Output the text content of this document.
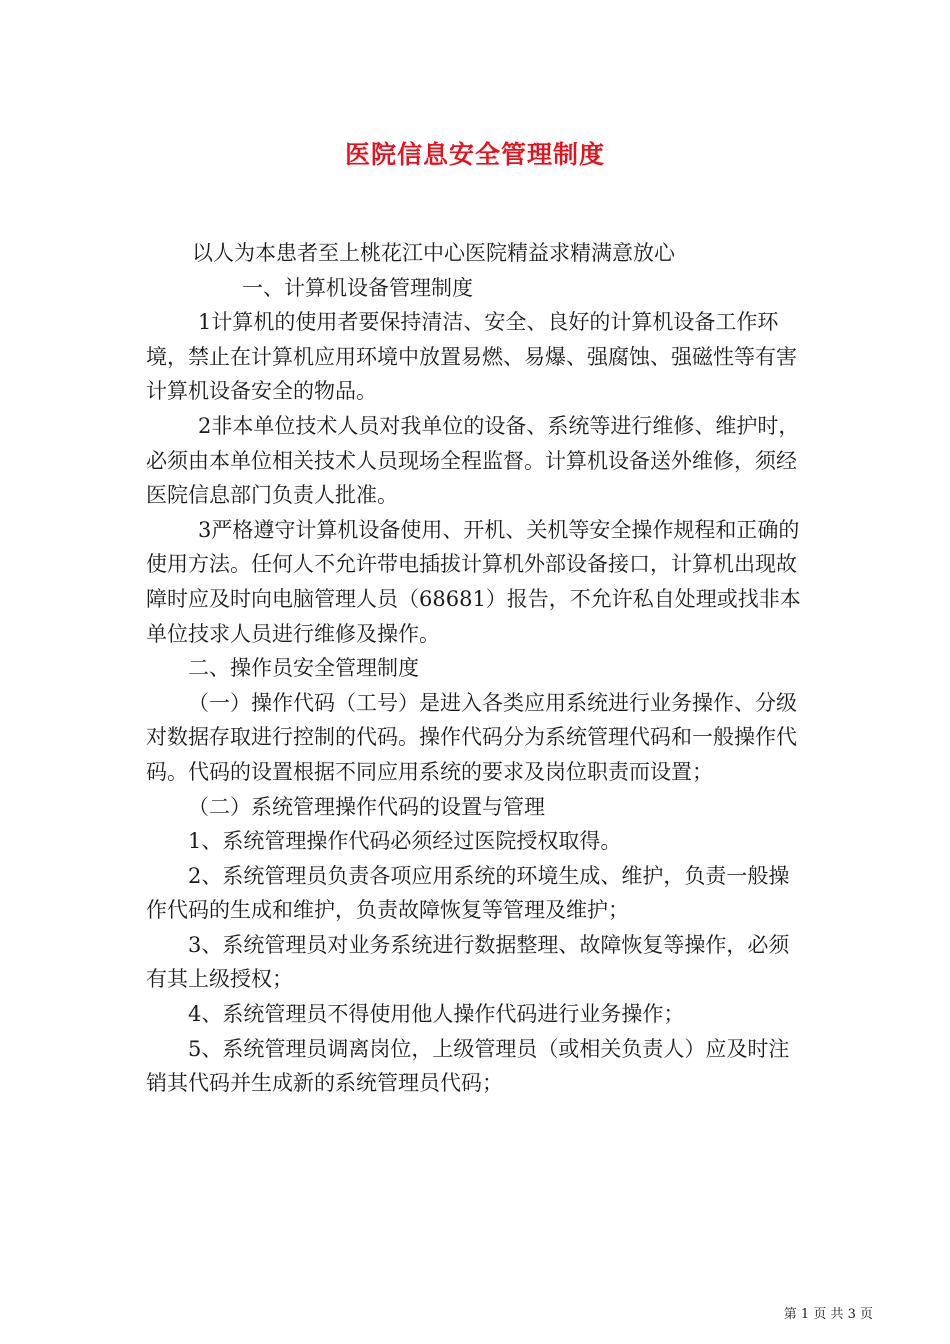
医院信息安全管理制度

以人为本患者至上桃花江中心医院精益求精满意放心

一、计算机设备管理制度

1计算机的使用者要保持清洁、安全、良好的计算机设备工作环境，禁止在计算机应用环境中放置易燃、易爆、强腐蚀、强磁性等有害计算机设备安全的物品。

2非本单位技术人员对我单位的设备、系统等进行维修、维护时，必须由本单位相关技术人员现场全程监督。计算机设备送外维修，须经医院信息部门负责人批准。

3严格遵守计算机设备使用、开机、关机等安全操作规程和正确的使用方法。任何人不允许带电插拔计算机外部设备接口，计算机出现故障时应及时向电脑管理人员（68681）报告，不允许私自处理或找非本单位技求人员进行维修及操作。

二、操作员安全管理制度

（一）操作代码（工号）是进入各类应用系统进行业务操作、分级对数据存取进行控制的代码。操作代码分为系统管理代码和一般操作代码。代码的设置根据不同应用系统的要求及岗位职责而设置；

（二）系统管理操作代码的设置与管理

1、系统管理操作代码必须经过医院授权取得。

2、系统管理员负责各项应用系统的环境生成、维护，负责一般操作代码的生成和维护，负责故障恢复等管理及维护；

3、系统管理员对业务系统进行数据整理、故障恢复等操作，必须有其上级授权；

4、系统管理员不得使用他人操作代码进行业务操作；

5、系统管理员调离岗位，上级管理员（或相关负责人）应及时注销其代码并生成新的系统管理员代码；

第 1 页 共 3 页
